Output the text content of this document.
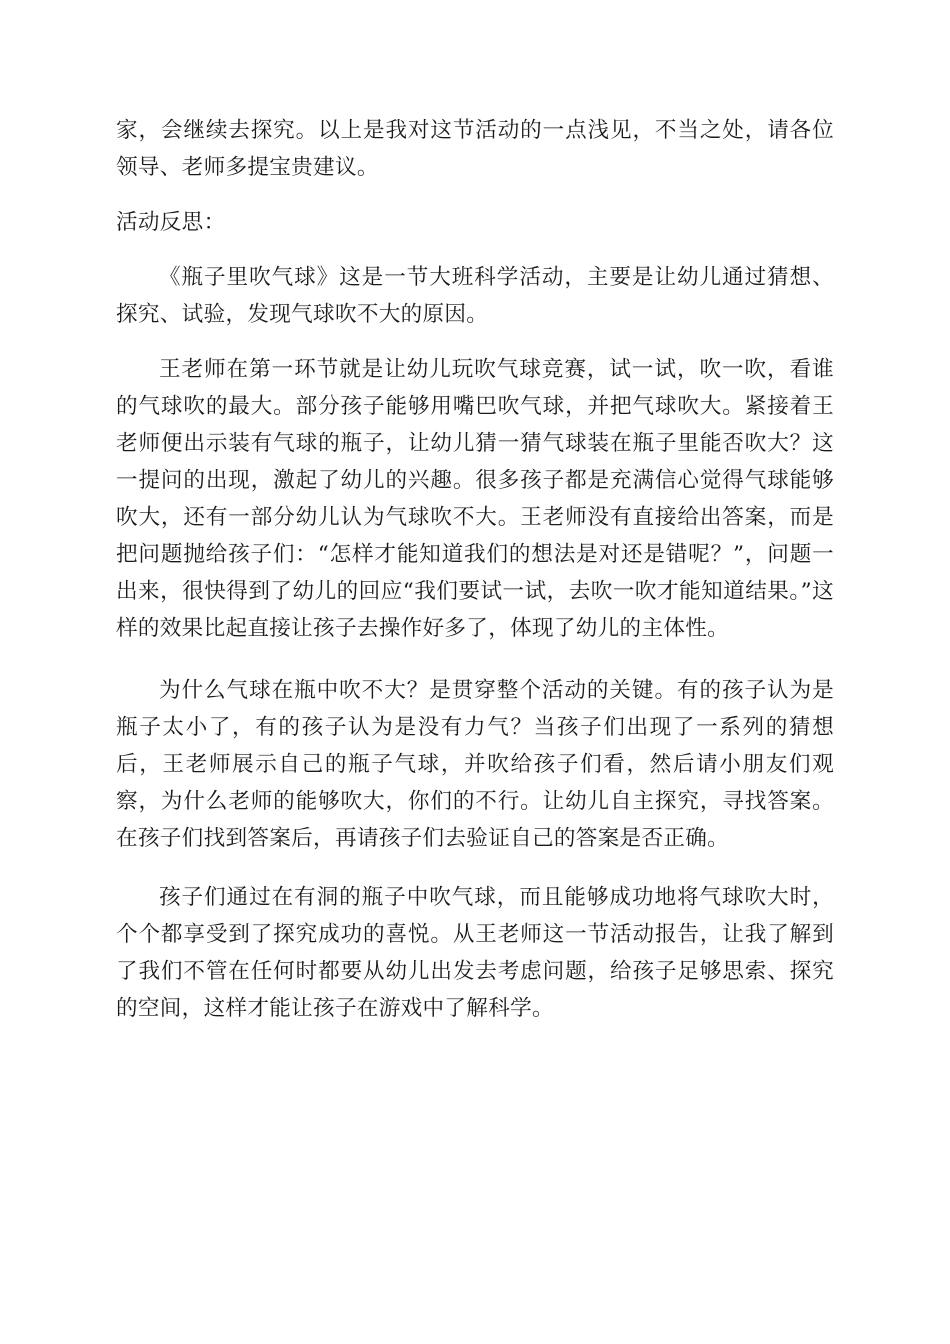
家，会继续去探究。以上是我对这节活动的一点浅见，不当之处，请各位领导、老师多提宝贵建议。

活动反思：

《瓶子里吹气球》这是一节大班科学活动，主要是让幼儿通过猜想、探究、试验，发现气球吹不大的原因。

王老师在第一环节就是让幼儿玩吹气球竞赛，试一试，吹一吹，看谁的气球吹的最大。部分孩子能够用嘴巴吹气球，并把气球吹大。紧接着王老师便出示装有气球的瓶子，让幼儿猜一猜气球装在瓶子里能否吹大？这一提问的出现，激起了幼儿的兴趣。很多孩子都是充满信心觉得气球能够吹大，还有一部分幼儿认为气球吹不大。王老师没有直接给出答案，而是把问题抛给孩子们：“怎样才能知道我们的想法是对还是错呢？”，问题一出来，很快得到了幼儿的回应“我们要试一试，去吹一吹才能知道结果。”这样的效果比起直接让孩子去操作好多了，体现了幼儿的主体性。

为什么气球在瓶中吹不大？是贯穿整个活动的关键。有的孩子认为是瓶子太小了，有的孩子认为是没有力气？当孩子们出现了一系列的猜想后，王老师展示自己的瓶子气球，并吹给孩子们看，然后请小朋友们观察，为什么老师的能够吹大，你们的不行。让幼儿自主探究，寻找答案。在孩子们找到答案后，再请孩子们去验证自己的答案是否正确。

孩子们通过在有洞的瓶子中吹气球，而且能够成功地将气球吹大时，个个都享受到了探究成功的喜悦。从王老师这一节活动报告，让我了解到了我们不管在任何时都要从幼儿出发去考虑问题，给孩子足够思索、探究的空间，这样才能让孩子在游戏中了解科学。
